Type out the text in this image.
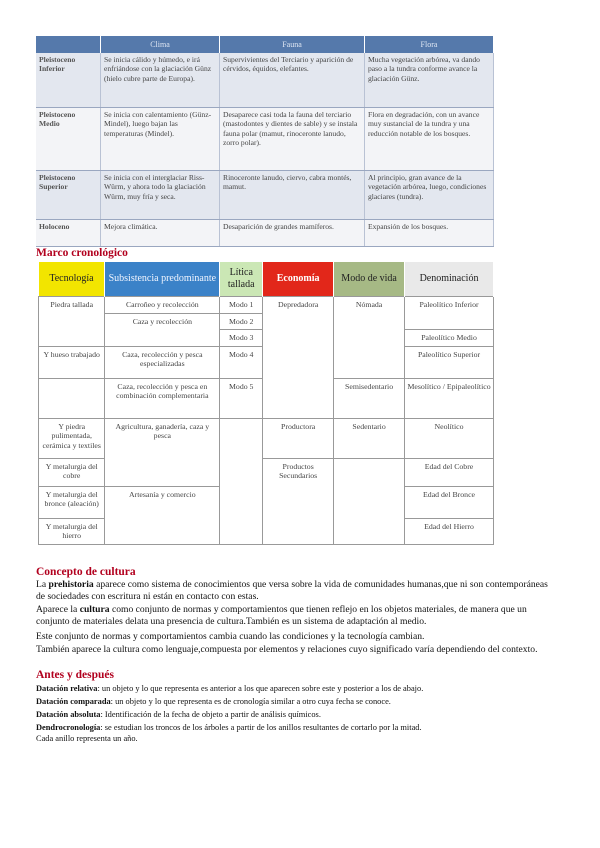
	Clima	Fauna	Flora
Pleistoceno Inferior	Se inicia cálido y húmedo, e irá enfriándose con la glaciación Günz (hielo cubre parte de Europa).	Supervivientes del Terciario y aparición de cérvidos, équidos, elefantes.	Mucha vegetación arbórea, va dando paso a la tundra conforme avance la glaciación Günz.
Pleistoceno Medio	Se inicia con calentamiento (Günz-Mindel), luego bajan las temperaturas (Mindel).	Desaparece casi toda la fauna del terciario (mastodontes y dientes de sable) y se instala fauna polar (mamut, rinoceronte lanudo, zorro polar).	Flora en degradación, con un avance muy sustancial de la tundra y una reducción notable de los bosques.
Pleistoceno Superior	Se inicia con el interglaciar Riss-Würm, y ahora todo la glaciación Würm, muy fría y seca.	Rinoceronte lanudo, ciervo, cabra montés, mamut.	Al principio, gran avance de la vegetación arbórea, luego, condiciones glaciares (tundra).
Holoceno	Mejora climática.	Desaparición de grandes mamíferos.	Expansión de los bosques.
Marco cronológico
Tecnología	Subsistencia predominante	Lítica tallada	Economía	Modo de vida	Denominación
Piedra tallada	Carroñeo y recolección	Modo 1	Depredadora	Nómada	Paleolítico Inferior
	Caza y recolección	Modo 2			
		Modo 3			Paleolítico Medio
Y hueso trabajado	Caza, recolección y pesca especializadas	Modo 4			Paleolítico Superior
	Caza, recolección y pesca en combinación complementaria	Modo 5		Semisedentario	Mesolítico / Epipaleolítico
Y piedra pulimentada, cerámica y textiles	Agricultura, ganadería, caza y pesca		Productora	Sedentario	Neolítico
Y metalurgia del cobre			Productos Secundarios		Edad del Cobre
Y metalurgia del bronce (aleación)	Artesanía y comercio				Edad del Bronce
Y metalurgia del hierro					Edad del Hierro
Concepto de cultura
La prehistoria aparece como sistema de conocimientos que versa sobre la vida de comunidades humanas,que ni son contemporáneas de sociedades con escritura ni están en contacto con estas.
Aparece la cultura como conjunto de normas y comportamientos que tienen reflejo en los objetos materiales, de manera que un conjunto de materiales delata una presencia de cultura.También es un sistema de adaptación al medio.
Este conjunto de normas y comportamientos cambia cuando las condiciones y la tecnología cambian.
También aparece la cultura como lenguaje,compuesta por elementos y relaciones cuyo significado varía dependiendo del contexto.
Antes y después
Datación relativa: un objeto y lo que representa es anterior a los que aparecen sobre este y posterior a los de abajo.
Datación comparada: un objeto y lo que representa es de cronología similar a otro cuya fecha se conoce.
Datación absoluta: Identificación de la fecha de objeto a partir de análisis químicos.
Dendrocronología: se estudian los troncos de los árboles a partir de los anillos resultantes de cortarlo por la mitad.
Cada anillo representa un año.
